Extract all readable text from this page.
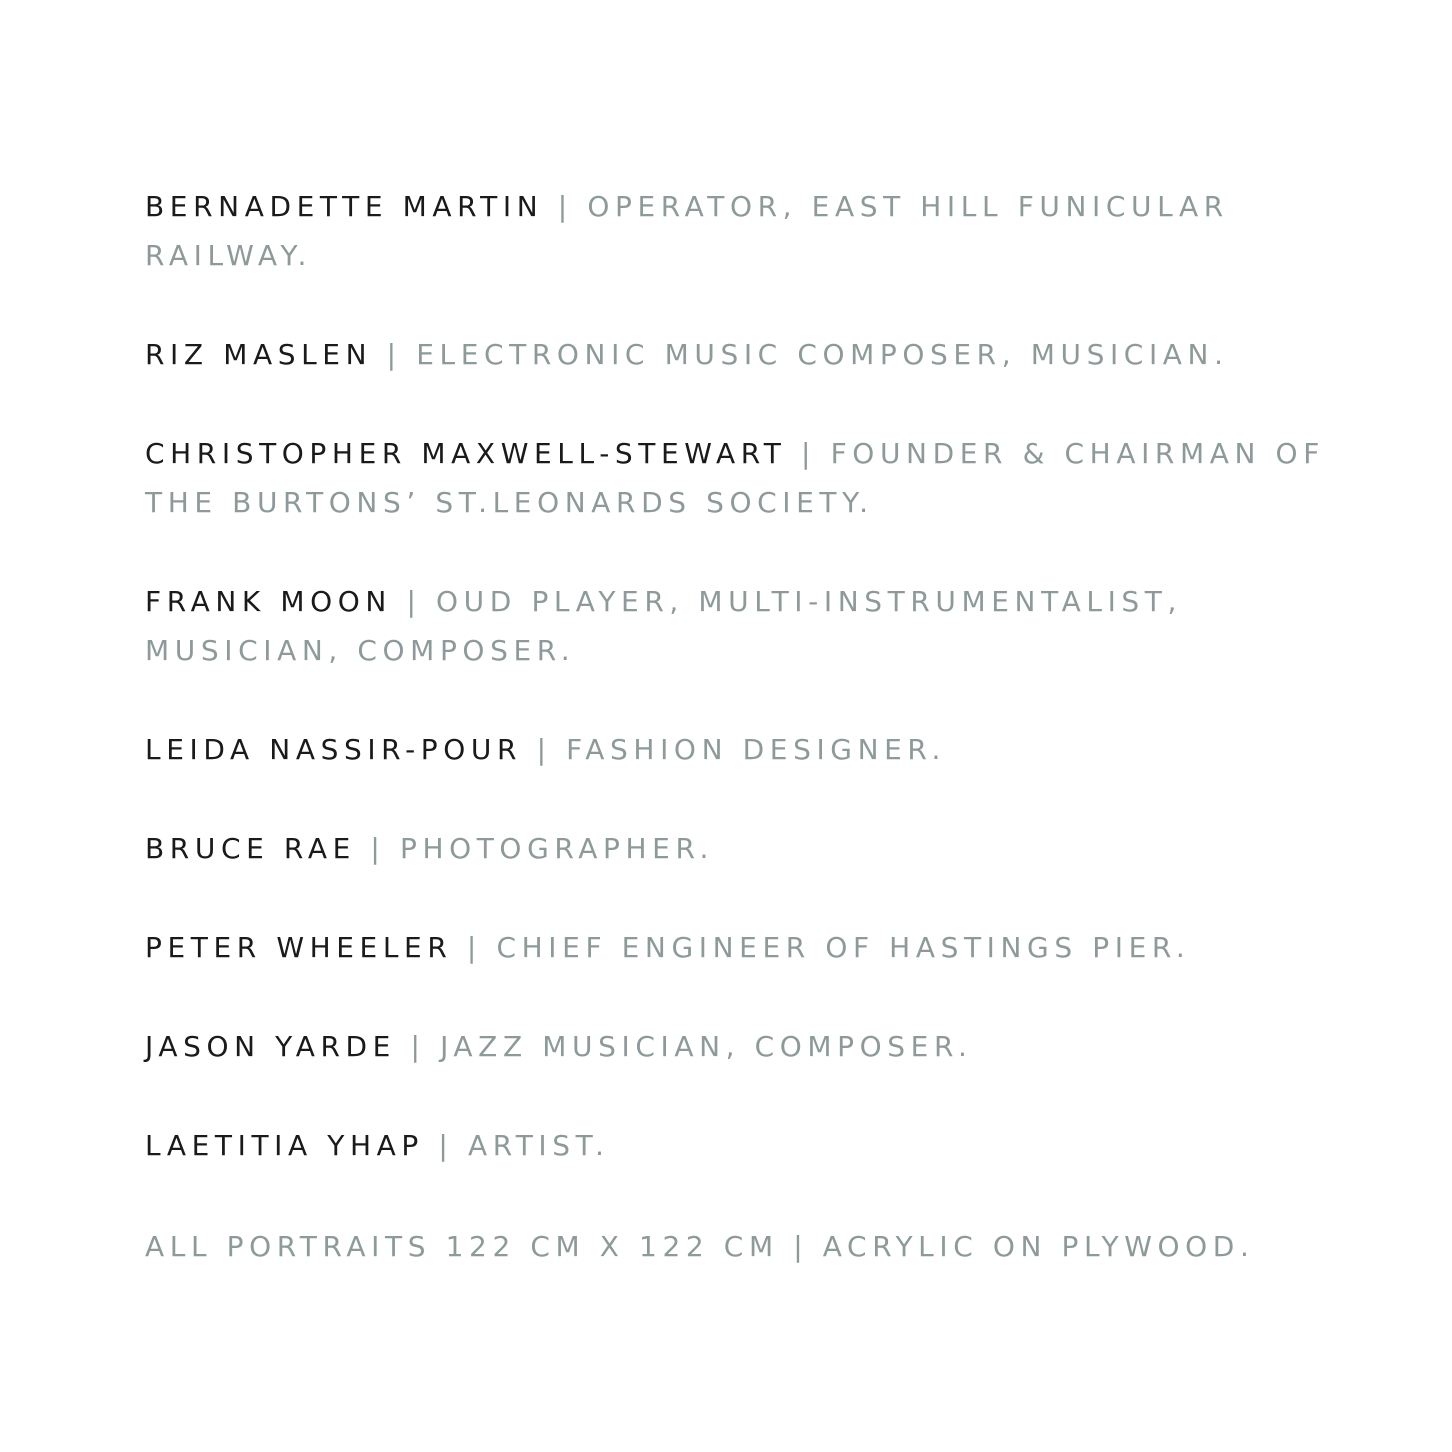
BERNADETTE MARTIN | OPERATOR, EAST HILL FUNICULAR RAILWAY.

RIZ MASLEN | ELECTRONIC MUSIC COMPOSER, MUSICIAN.

CHRISTOPHER MAXWELL-STEWART | FOUNDER & CHAIRMAN OF THE BURTONS’ ST.LEONARDS SOCIETY.

FRANK MOON | OUD PLAYER, MULTI-INSTRUMENTALIST, MUSICIAN, COMPOSER.

LEIDA NASSIR-POUR | FASHION DESIGNER.

BRUCE RAE | PHOTOGRAPHER.

PETER WHEELER | CHIEF ENGINEER OF HASTINGS PIER.

JASON YARDE | JAZZ MUSICIAN, COMPOSER.

LAETITIA YHAP | ARTIST.

ALL PORTRAITS 122 CM X 122 CM | ACRYLIC ON PLYWOOD.
